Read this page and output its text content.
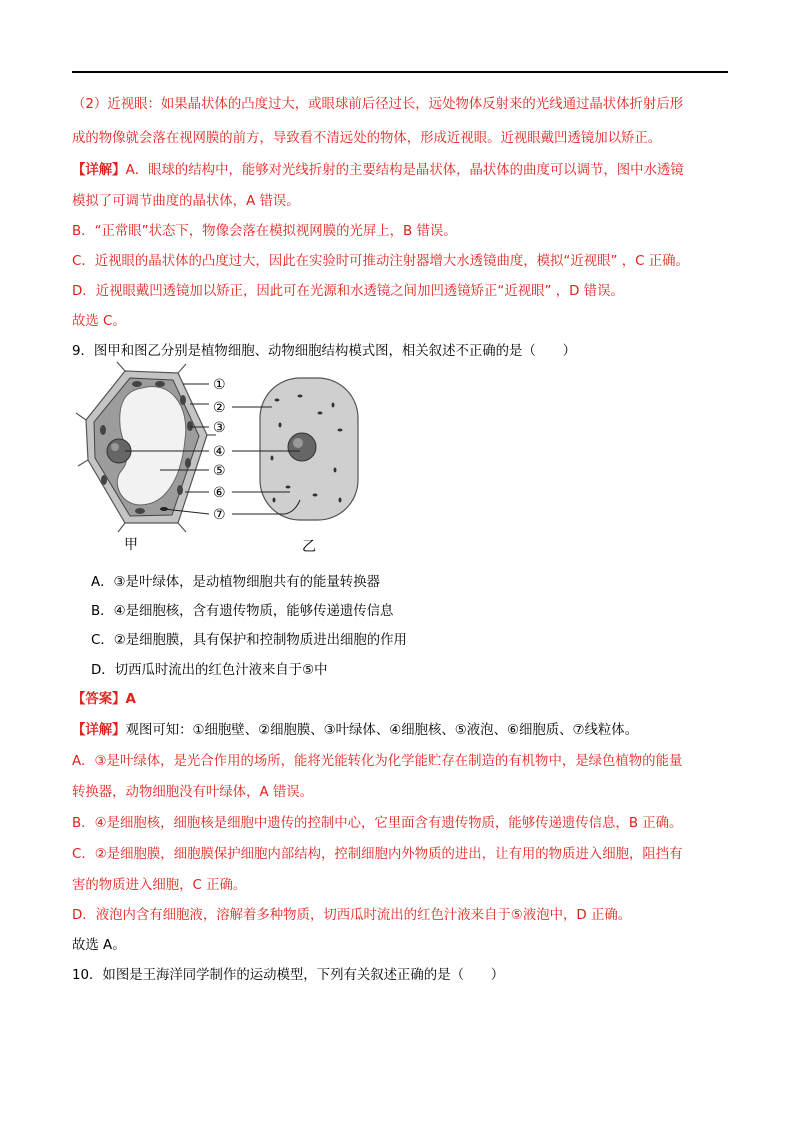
（2）近视眼：如果晶状体的凸度过大，或眼球前后径过长，远处物体反射来的光线通过晶状体折射后形
成的物像就会落在视网膜的前方，导致看不清远处的物体，形成近视眼。近视眼戴凹透镜加以矫正。
【详解】A．眼球的结构中，能够对光线折射的主要结构是晶状体，晶状体的曲度可以调节，图中水透镜
模拟了可调节曲度的晶状体，A 错误。
B．“正常眼”状态下，物像会落在模拟视网膜的光屏上，B 错误。
C．近视眼的晶状体的凸度过大，因此在实验时可推动注射器增大水透镜曲度，模拟“近视眼” ，C 正确。
D．近视眼戴凹透镜加以矫正，因此可在光源和水透镜之间加凹透镜矫正“近视眼” ，D 错误。
故选 C。
9．图甲和图乙分别是植物细胞、动物细胞结构模式图，相关叙述不正确的是（　　）
①
②
③
④
⑤
⑥
⑦
甲	乙
A．③是叶绿体，是动植物细胞共有的能量转换器
B．④是细胞核，含有遗传物质，能够传递遗传信息
C．②是细胞膜，具有保护和控制物质进出细胞的作用
D．切西瓜时流出的红色汁液来自于⑤中
【答案】A
【详解】观图可知：①细胞壁、②细胞膜、③叶绿体、④细胞核、⑤液泡、⑥细胞质、⑦线粒体。
A．③是叶绿体，是光合作用的场所，能将光能转化为化学能贮存在制造的有机物中，是绿色植物的能量
转换器，动物细胞没有叶绿体，A 错误。
B．④是细胞核，细胞核是细胞中遗传的控制中心，它里面含有遗传物质，能够传递遗传信息，B 正确。
C．②是细胞膜，细胞膜保护细胞内部结构，控制细胞内外物质的进出，让有用的物质进入细胞，阻挡有
害的物质进入细胞，C 正确。
D．液泡内含有细胞液，溶解着多种物质，切西瓜时流出的红色汁液来自于⑤液泡中，D 正确。
故选 A。
10．如图是王海洋同学制作的运动模型，下列有关叙述正确的是（　　）
